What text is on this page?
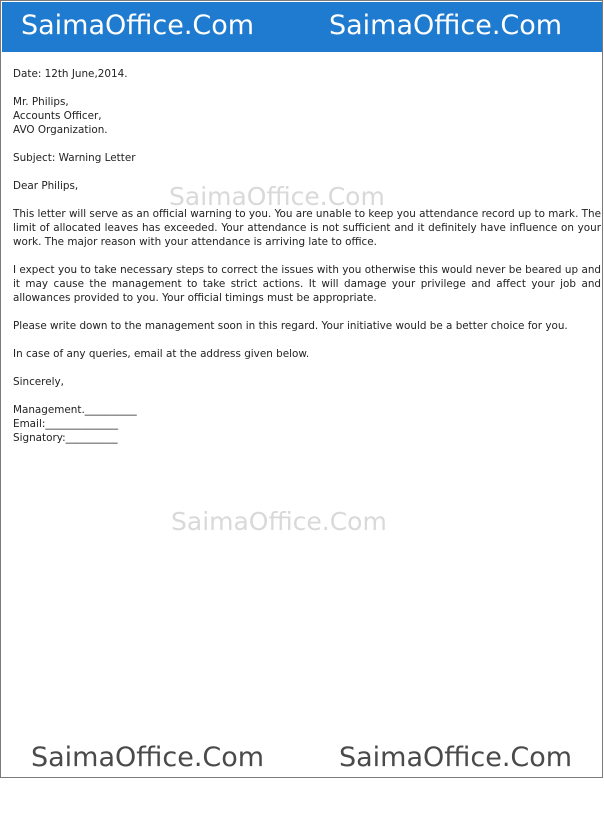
SaimaOffice.Com	SaimaOffice.Com
SaimaOffice.Com
SaimaOffice.Com

Date: 12th June,2014.

Mr. Philips,
Accounts Officer,
AVO Organization.

Subject: Warning Letter

Dear Philips,

This letter will serve as an official warning to you. You are unable to keep you attendance record up to mark. The limit of allocated leaves has exceeded. Your attendance is not sufficient and it definitely have influence on your work. The major reason with your attendance is arriving late to office.

I expect you to take necessary steps to correct the issues with you otherwise this would never be beared up and it may cause the management to take strict actions. It will damage your privilege and affect your job and allowances provided to you. Your official timings must be appropriate.

Please write down to the management soon in this regard. Your initiative would be a better choice for you.

In case of any queries, email at the address given below.

Sincerely,

Management.__________

Email:______________

Signatory:__________

SaimaOffice.Com	SaimaOffice.Com
